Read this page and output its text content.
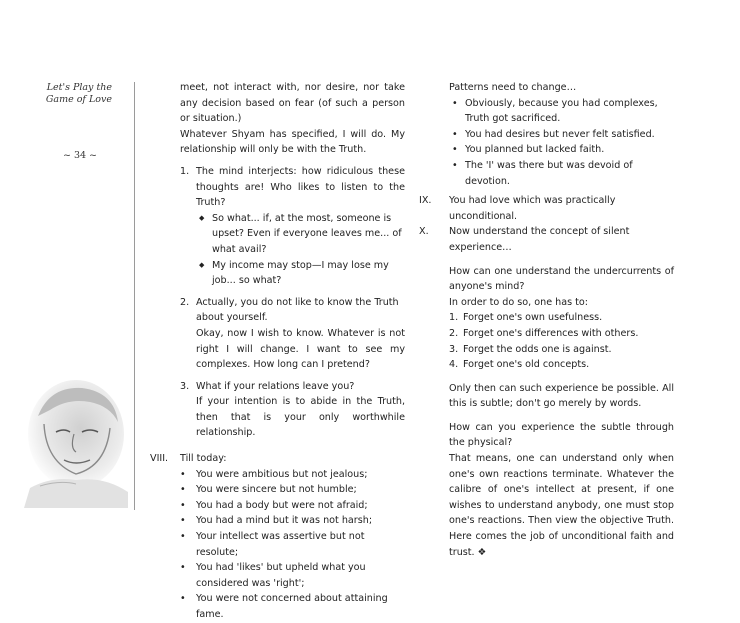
Let's Play the
Game of Love
~ 34 ~

meet, not interact with, nor desire, nor take any decision based on fear (of such a person or situation.)

Whatever Shyam has specified, I will do. My relationship will only be with the Truth.

1. The mind interjects: how ridiculous these thoughts are! Who likes to listen to the Truth?

◆ So what... if, at the most, someone is upset? Even if everyone leaves me... of what avail?

◆ My income may stop—I may lose my job... so what?

2. Actually, you do not like to know the Truth about yourself.

Okay, now I wish to know. Whatever is not right I will change. I want to see my complexes. How long can I pretend?

3. What if your relations leave you?

If your intention is to abide in the Truth, then that is your only worthwhile relationship.

VIII. Till today:

• You were ambitious but not jealous;

• You were sincere but not humble;

• You had a body but were not afraid;

• You had a mind but it was not harsh;

• Your intellect was assertive but not resolute;

• You had 'likes' but upheld what you considered was 'right';

• You were not concerned about attaining fame.

Patterns need to change…

• Obviously, because you had complexes, Truth got sacrificed.

• You had desires but never felt satisfied.

• You planned but lacked faith.

• The 'I' was there but was devoid of devotion.

IX. You had love which was practically unconditional.

X. Now understand the concept of silent experience…

How can one understand the undercurrents of anyone's mind?

In order to do so, one has to:

1. Forget one's own usefulness.

2. Forget one's differences with others.

3. Forget the odds one is against.

4. Forget one's old concepts.

Only then can such experience be possible. All this is subtle; don't go merely by words.

How can you experience the subtle through the physical?

That means, one can understand only when one's own reactions terminate. Whatever the calibre of one's intellect at present, if one wishes to understand anybody, one must stop one's reactions. Then view the objective Truth. Here comes the job of unconditional faith and trust. ❖
